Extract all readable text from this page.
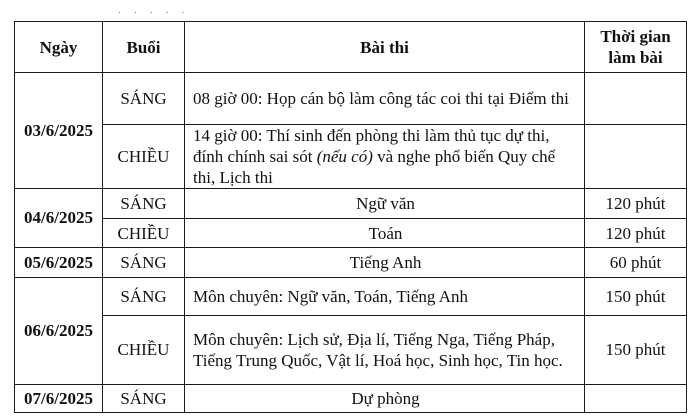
· · · · ·
Ngày	Buổi	Bài thi	Thời gian
làm bài
03/6/2025	SÁNG	08 giờ 00: Họp cán bộ làm công tác coi thi tại Điểm thi	
	CHIỀU	14 giờ 00: Thí sinh đến phòng thi làm thủ tục dự thi, đính chính sai sót (nếu có) và nghe phổ biến Quy chế thi, Lịch thi	
04/6/2025	SÁNG	Ngữ văn	120 phút
	CHIỀU	Toán	120 phút
05/6/2025	SÁNG	Tiếng Anh	60 phút
06/6/2025	SÁNG	Môn chuyên: Ngữ văn, Toán, Tiếng Anh	150 phút
	CHIỀU	Môn chuyên: Lịch sử, Địa lí, Tiếng Nga, Tiếng Pháp, Tiếng Trung Quốc, Vật lí, Hoá học, Sinh học, Tin học.	150 phút
07/6/2025	SÁNG	Dự phòng	
